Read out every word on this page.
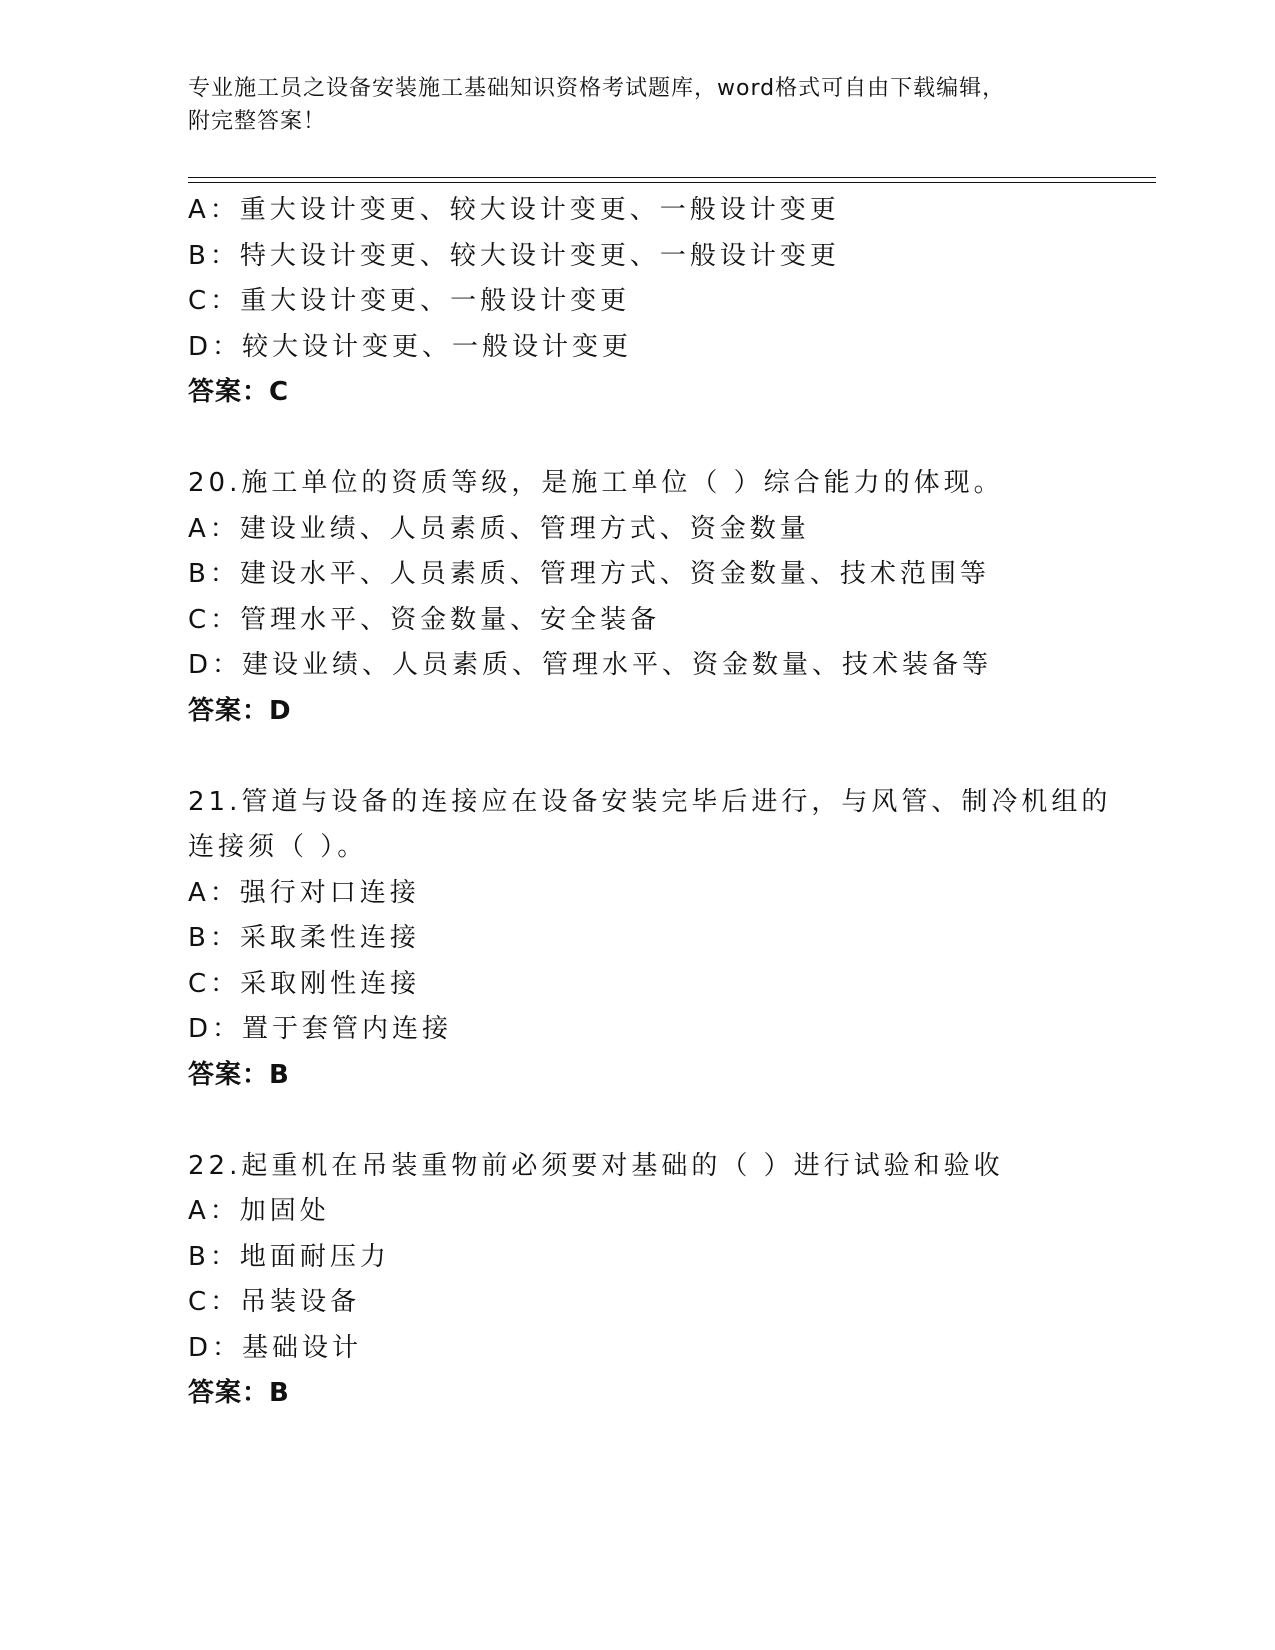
专业施工员之设备安装施工基础知识资格考试题库，word格式可自由下载编辑，
附完整答案！
A：重大设计变更、较大设计变更、一般设计变更
B：特大设计变更、较大设计变更、一般设计变更
C：重大设计变更、一般设计变更
D：较大设计变更、一般设计变更
答案：C
20.施工单位的资质等级，是施工单位（ ）综合能力的体现。
A：建设业绩、人员素质、管理方式、资金数量
B：建设水平、人员素质、管理方式、资金数量、技术范围等
C：管理水平、资金数量、安全装备
D：建设业绩、人员素质、管理水平、资金数量、技术装备等
答案：D
21.管道与设备的连接应在设备安装完毕后进行，与风管、制冷机组的
连接须（ ）。
A：强行对口连接
B：采取柔性连接
C：采取刚性连接
D：置于套管内连接
答案：B
22.起重机在吊装重物前必须要对基础的（ ）进行试验和验收
A：加固处
B：地面耐压力
C：吊装设备
D：基础设计
答案：B
